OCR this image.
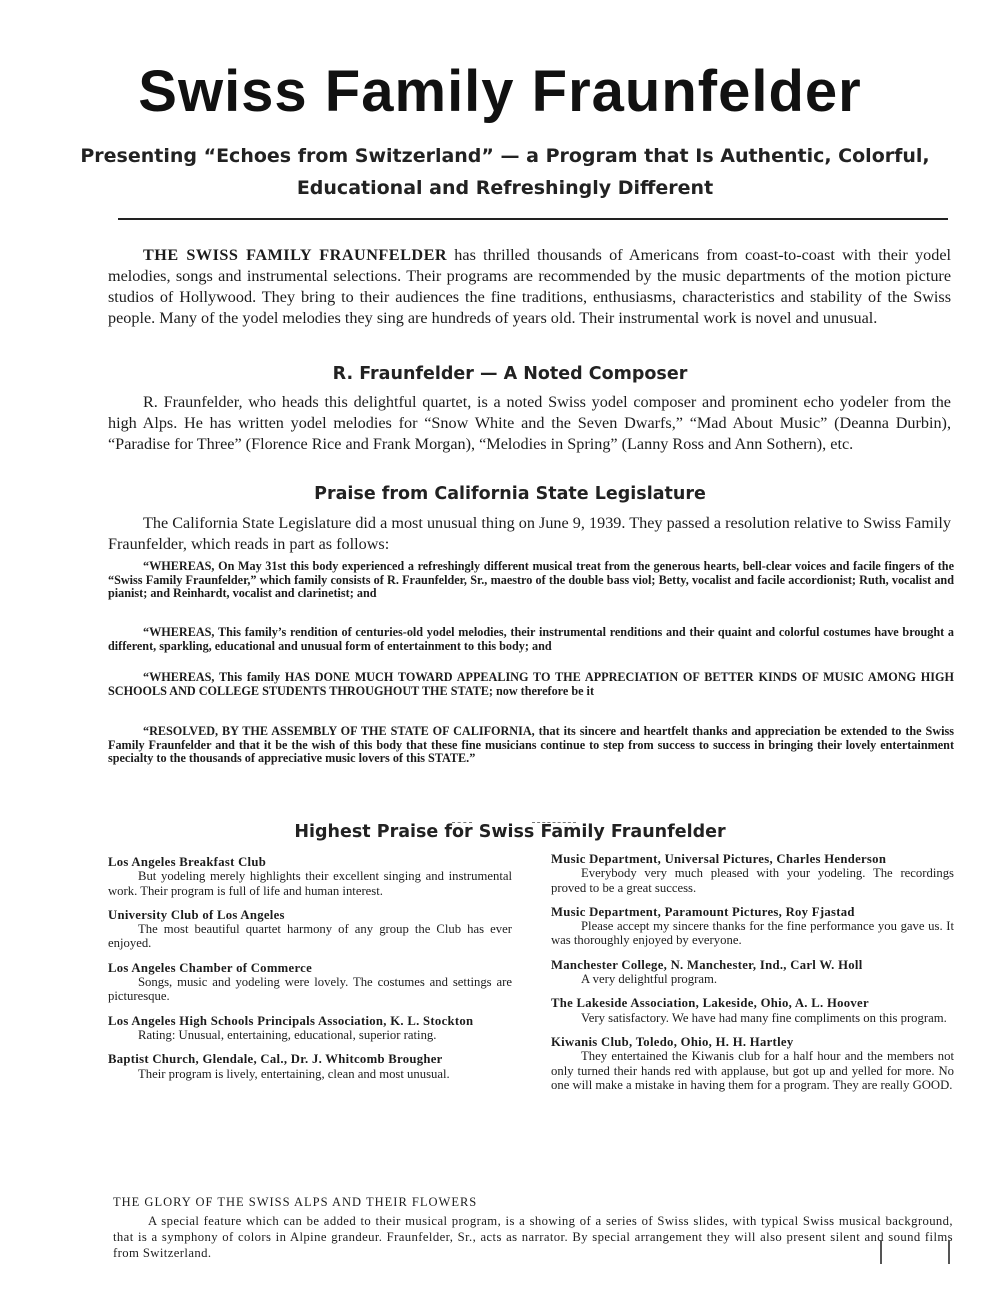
Swiss Family Fraunfelder
Presenting “Echoes from Switzerland” — a Program that Is Authentic, Colorful, Educational and Refreshingly Different
THE SWISS FAMILY FRAUNFELDER has thrilled thousands of Americans from coast-to-coast with their yodel melodies, songs and instrumental selections. Their programs are recommended by the music departments of the motion picture studios of Hollywood. They bring to their audiences the fine traditions, enthusiasms, characteristics and stability of the Swiss people. Many of the yodel melodies they sing are hundreds of years old. Their instrumental work is novel and unusual.
R. Fraunfelder — A Noted Composer
R. Fraunfelder, who heads this delightful quartet, is a noted Swiss yodel composer and prominent echo yodeler from the high Alps. He has written yodel melodies for “Snow White and the Seven Dwarfs,” “Mad About Music” (Deanna Durbin), “Paradise for Three” (Florence Rice and Frank Morgan), “Melodies in Spring” (Lanny Ross and Ann Sothern), etc.
Praise from California State Legislature
The California State Legislature did a most unusual thing on June 9, 1939. They passed a resolution relative to Swiss Family Fraunfelder, which reads in part as follows:
“WHEREAS, On May 31st this body experienced a refreshingly different musical treat from the generous hearts, bell-clear voices and facile fingers of the “Swiss Family Fraunfelder,” which family consists of R. Fraunfelder, Sr., maestro of the double bass viol; Betty, vocalist and facile accordionist; Ruth, vocalist and pianist; and Reinhardt, vocalist and clarinetist; and
“WHEREAS, This family’s rendition of centuries-old yodel melodies, their instrumental renditions and their quaint and colorful costumes have brought a different, sparkling, educational and unusual form of entertainment to this body; and
“WHEREAS, This family HAS DONE MUCH TOWARD APPEALING TO THE APPRECIATION OF BETTER KINDS OF MUSIC AMONG HIGH SCHOOLS AND COLLEGE STUDENTS THROUGHOUT THE STATE; now therefore be it
“RESOLVED, BY THE ASSEMBLY OF THE STATE OF CALIFORNIA, that its sincere and heartfelt thanks and appreciation be extended to the Swiss Family Fraunfelder and that it be the wish of this body that these fine musicians continue to step from success to success in bringing their lovely entertainment specialty to the thousands of appreciative music lovers of this STATE.”
Highest Praise for Swiss Family Fraunfelder
Los Angeles Breakfast Club
But yodeling merely highlights their excellent singing and instrumental work. Their program is full of life and human interest.
University Club of Los Angeles
The most beautiful quartet harmony of any group the Club has ever enjoyed.
Los Angeles Chamber of Commerce
Songs, music and yodeling were lovely. The costumes and settings are picturesque.
Los Angeles High Schools Principals Association, K. L. Stockton
Rating: Unusual, entertaining, educational, superior rating.
Baptist Church, Glendale, Cal., Dr. J. Whitcomb Brougher
Their program is lively, entertaining, clean and most unusual.
Music Department, Universal Pictures, Charles Henderson
Everybody very much pleased with your yodeling. The recordings proved to be a great success.
Music Department, Paramount Pictures, Roy Fjastad
Please accept my sincere thanks for the fine performance you gave us. It was thoroughly enjoyed by everyone.
Manchester College, N. Manchester, Ind., Carl W. Holl
A very delightful program.
The Lakeside Association, Lakeside, Ohio, A. L. Hoover
Very satisfactory. We have had many fine compliments on this program.
Kiwanis Club, Toledo, Ohio, H. H. Hartley
They entertained the Kiwanis club for a half hour and the members not only turned their hands red with applause, but got up and yelled for more. No one will make a mistake in having them for a program. They are really GOOD.
THE GLORY OF THE SWISS ALPS AND THEIR FLOWERS
A special feature which can be added to their musical program, is a showing of a series of Swiss slides, with typical Swiss musical background, that is a symphony of colors in Alpine grandeur. Fraunfelder, Sr., acts as narrator. By special arrangement they will also present silent and sound films from Switzerland.
